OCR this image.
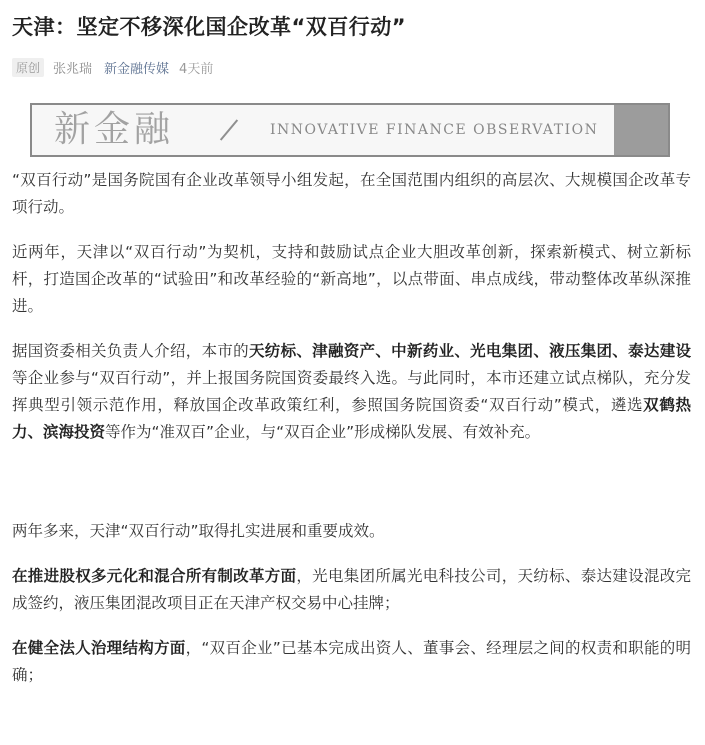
天津：坚定不移深化国企改革“双百行动”
原创	张兆瑞 新金融传媒 4天前
新金融	INNOVATIVE FINANCE OBSERVATION

“双百行动”是国务院国有企业改革领导小组发起，在全国范围内组织的高层次、大规模国企改革专项行动。

近两年，天津以“双百行动”为契机，支持和鼓励试点企业大胆改革创新，探索新模式、树立新标杆，打造国企改革的“试验田”和改革经验的“新高地”，以点带面、串点成线，带动整体改革纵深推进。

据国资委相关负责人介绍，本市的天纺标、津融资产、中新药业、光电集团、液压集团、泰达建设等企业参与“双百行动”，并上报国务院国资委最终入选。与此同时，本市还建立试点梯队，充分发挥典型引领示范作用，释放国企改革政策红利，参照国务院国资委“双百行动”模式，遴选双鹤热力、滨海投资等作为“准双百”企业，与“双百企业”形成梯队发展、有效补充。

两年多来，天津“双百行动”取得扎实进展和重要成效。

在推进股权多元化和混合所有制改革方面，光电集团所属光电科技公司，天纺标、泰达建设混改完成签约，液压集团混改项目正在天津产权交易中心挂牌；

在健全法人治理结构方面，“双百企业”已基本完成出资人、董事会、经理层之间的权责和职能的明确；
